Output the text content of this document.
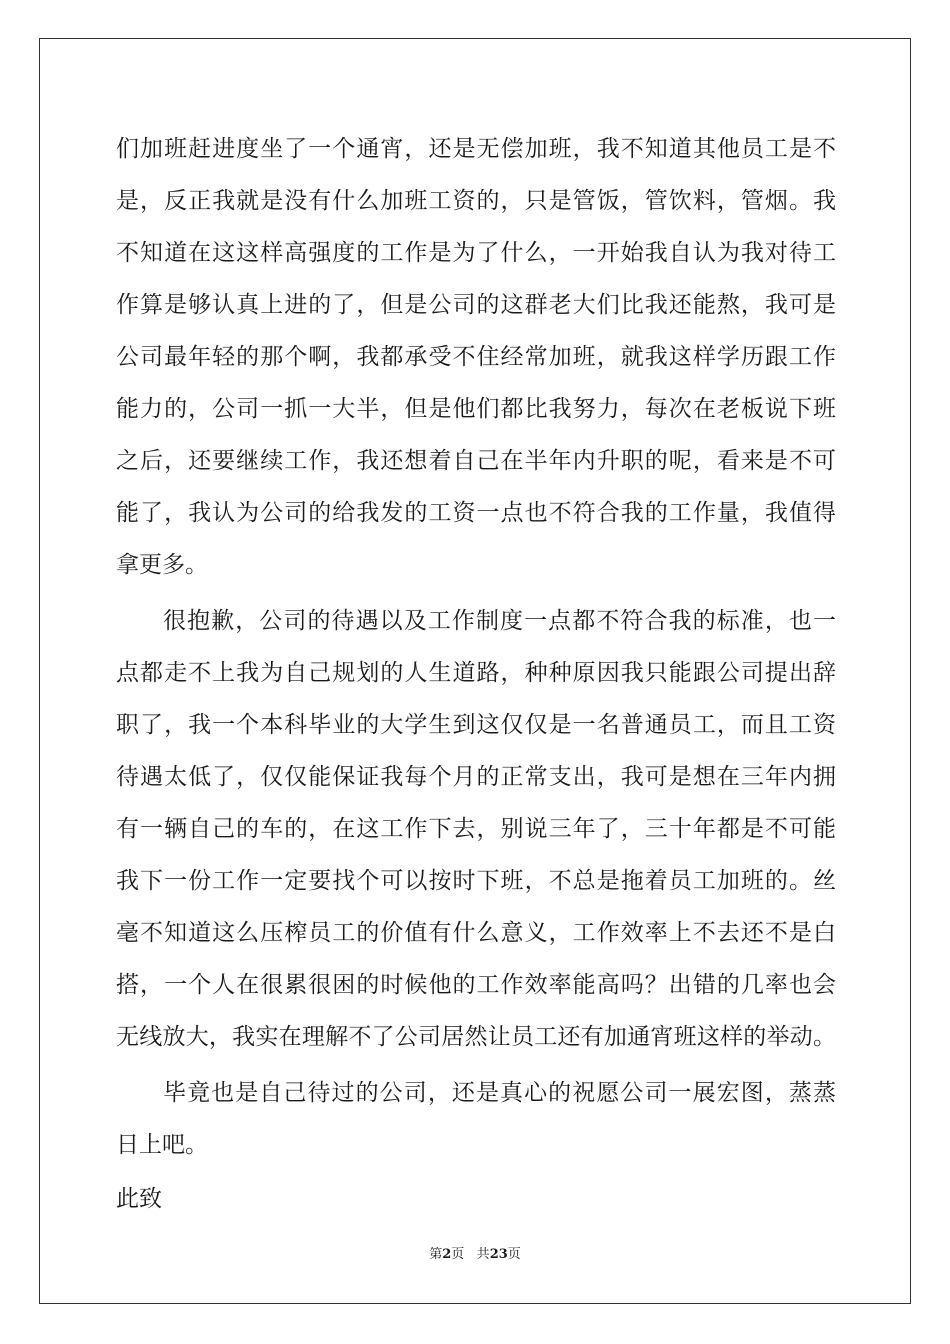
们加班赶进度坐了一个通宵，还是无偿加班，我不知道其他员工是不
是，反正我就是没有什么加班工资的，只是管饭，管饮料，管烟。我
不知道在这这样高强度的工作是为了什么，一开始我自认为我对待工
作算是够认真上进的了，但是公司的这群老大们比我还能熬，我可是
公司最年轻的那个啊，我都承受不住经常加班，就我这样学历跟工作
能力的，公司一抓一大半，但是他们都比我努力，每次在老板说下班
之后，还要继续工作，我还想着自己在半年内升职的呢，看来是不可
能了，我认为公司的给我发的工资一点也不符合我的工作量，我值得
拿更多。
很抱歉，公司的待遇以及工作制度一点都不符合我的标准，也一
点都走不上我为自己规划的人生道路，种种原因我只能跟公司提出辞
职了，我一个本科毕业的大学生到这仅仅是一名普通员工，而且工资
待遇太低了，仅仅能保证我每个月的正常支出，我可是想在三年内拥
有一辆自己的车的，在这工作下去，别说三年了，三十年都是不可能
我下一份工作一定要找个可以按时下班，不总是拖着员工加班的。丝
毫不知道这么压榨员工的价值有什么意义，工作效率上不去还不是白
搭，一个人在很累很困的时候他的工作效率能高吗？出错的几率也会
无线放大，我实在理解不了公司居然让员工还有加通宵班这样的举动。
毕竟也是自己待过的公司，还是真心的祝愿公司一展宏图，蒸蒸
日上吧。
此致
第2页 共23页
